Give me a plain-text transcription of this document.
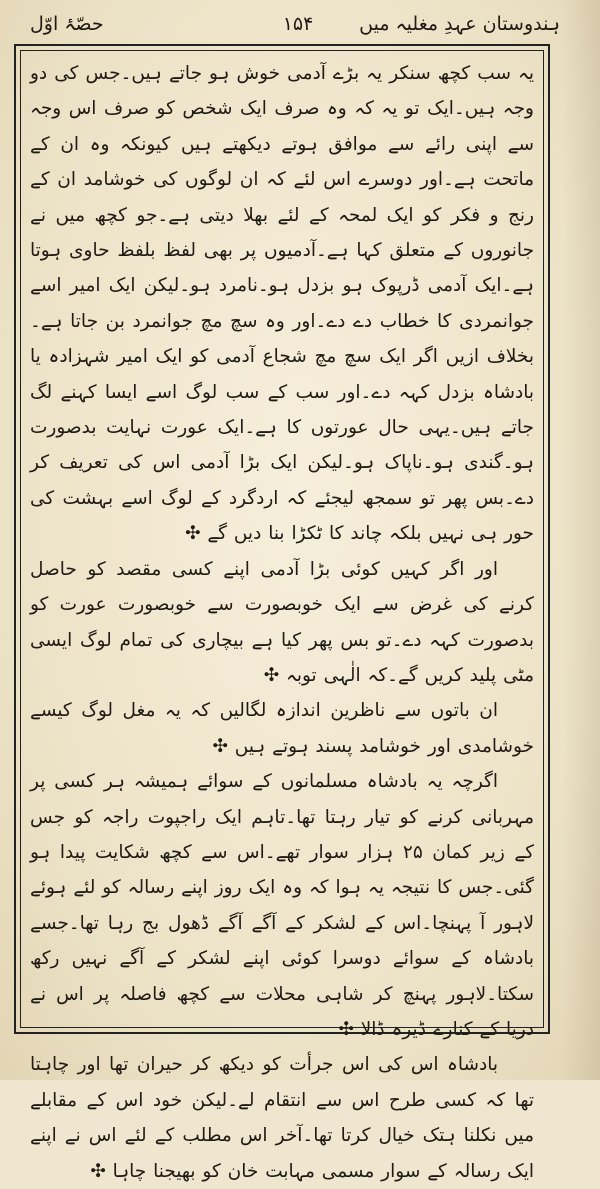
حصّۂ اوّل	۱۵۴ ہندوستان عہدِ مغلیہ میں

یہ سب کچھ سنکر یہ بڑے آدمی خوش ہو جاتے ہیں۔جس کی دو وجہ ہیں۔ایک تو یہ کہ وہ صرف ایک شخص کو صرف اس وجہ سے اپنی رائے سے موافق ہوتے دیکھتے ہیں کیونکہ وہ ان کے ماتحت ہے۔اور دوسرے اس لئے کہ ان لوگوں کی خوشامد ان کے رنج و فکر کو ایک لمحہ کے لئے بھلا دیتی ہے۔جو کچھ میں نے جانوروں کے متعلق کہا ہے۔آدمیوں پر بھی لفظ بلفظ حاوی ہوتا ہے۔ایک آدمی ڈرپوک ہو بزدل ہو۔نامرد ہو۔لیکن ایک امیر اسے جوانمردی کا خطاب دے دے۔اور وہ سچ مچ جوانمرد بن جاتا ہے۔بخلاف ازیں اگر ایک سچ مچ شجاع آدمی کو ایک امیر شہزادہ یا بادشاہ بزدل کہہ دے۔اور سب کے سب لوگ اسے ایسا کہنے لگ جاتے ہیں۔یہی حال عورتوں کا ہے۔ایک عورت نہایت بدصورت ہو۔گندی ہو۔ناپاک ہو۔لیکن ایک بڑا آدمی اس کی تعریف کر دے۔بس پھر تو سمجھ لیجئے کہ اردگرد کے لوگ اسے بہشت کی حور ہی نہیں بلکہ چاند کا ٹکڑا بنا دیں گے ✣

اور اگر کہیں کوئی بڑا آدمی اپنے کسی مقصد کو حاصل کرنے کی غرض سے ایک خوبصورت سے خوبصورت عورت کو بدصورت کہہ دے۔تو بس پھر کیا ہے بیچاری کی تمام لوگ ایسی مٹی پلید کریں گے۔کہ الٰہی توبہ ✣

ان باتوں سے ناظرین اندازہ لگالیں کہ یہ مغل لوگ کیسے خوشامدی اور خوشامد پسند ہوتے ہیں ✣

اگرچہ یہ بادشاہ مسلمانوں کے سوائے ہمیشہ ہر کسی پر مہربانی کرنے کو تیار رہتا تھا۔تاہم ایک راجپوت راجہ کو جس کے زیر کمان ۲۵ ہزار سوار تھے۔اس سے کچھ شکایت پیدا ہو گئی۔جس کا نتیجہ یہ ہوا کہ وہ ایک روز اپنے رسالہ کو لئے ہوئے لاہور آ پہنچا۔اس کے لشکر کے آگے آگے ڈھول بج رہا تھا۔جسے بادشاہ کے سوائے دوسرا کوئی اپنے لشکر کے آگے نہیں رکھ سکتا۔لاہور پہنچ کر شاہی محلات سے کچھ فاصلہ پر اس نے دریا کے کنارے ڈیرہ ڈالا ✣

بادشاہ اس کی اس جرأت کو دیکھ کر حیران تھا اور چاہتا تھا کہ کسی طرح اس سے انتقام لے۔لیکن خود اس کے مقابلے میں نکلنا ہتک خیال کرتا تھا۔آخر اس مطلب کے لئے اس نے اپنے ایک رسالہ کے سوار مسمی مہابت خان کو بھیجنا چاہا ✣
